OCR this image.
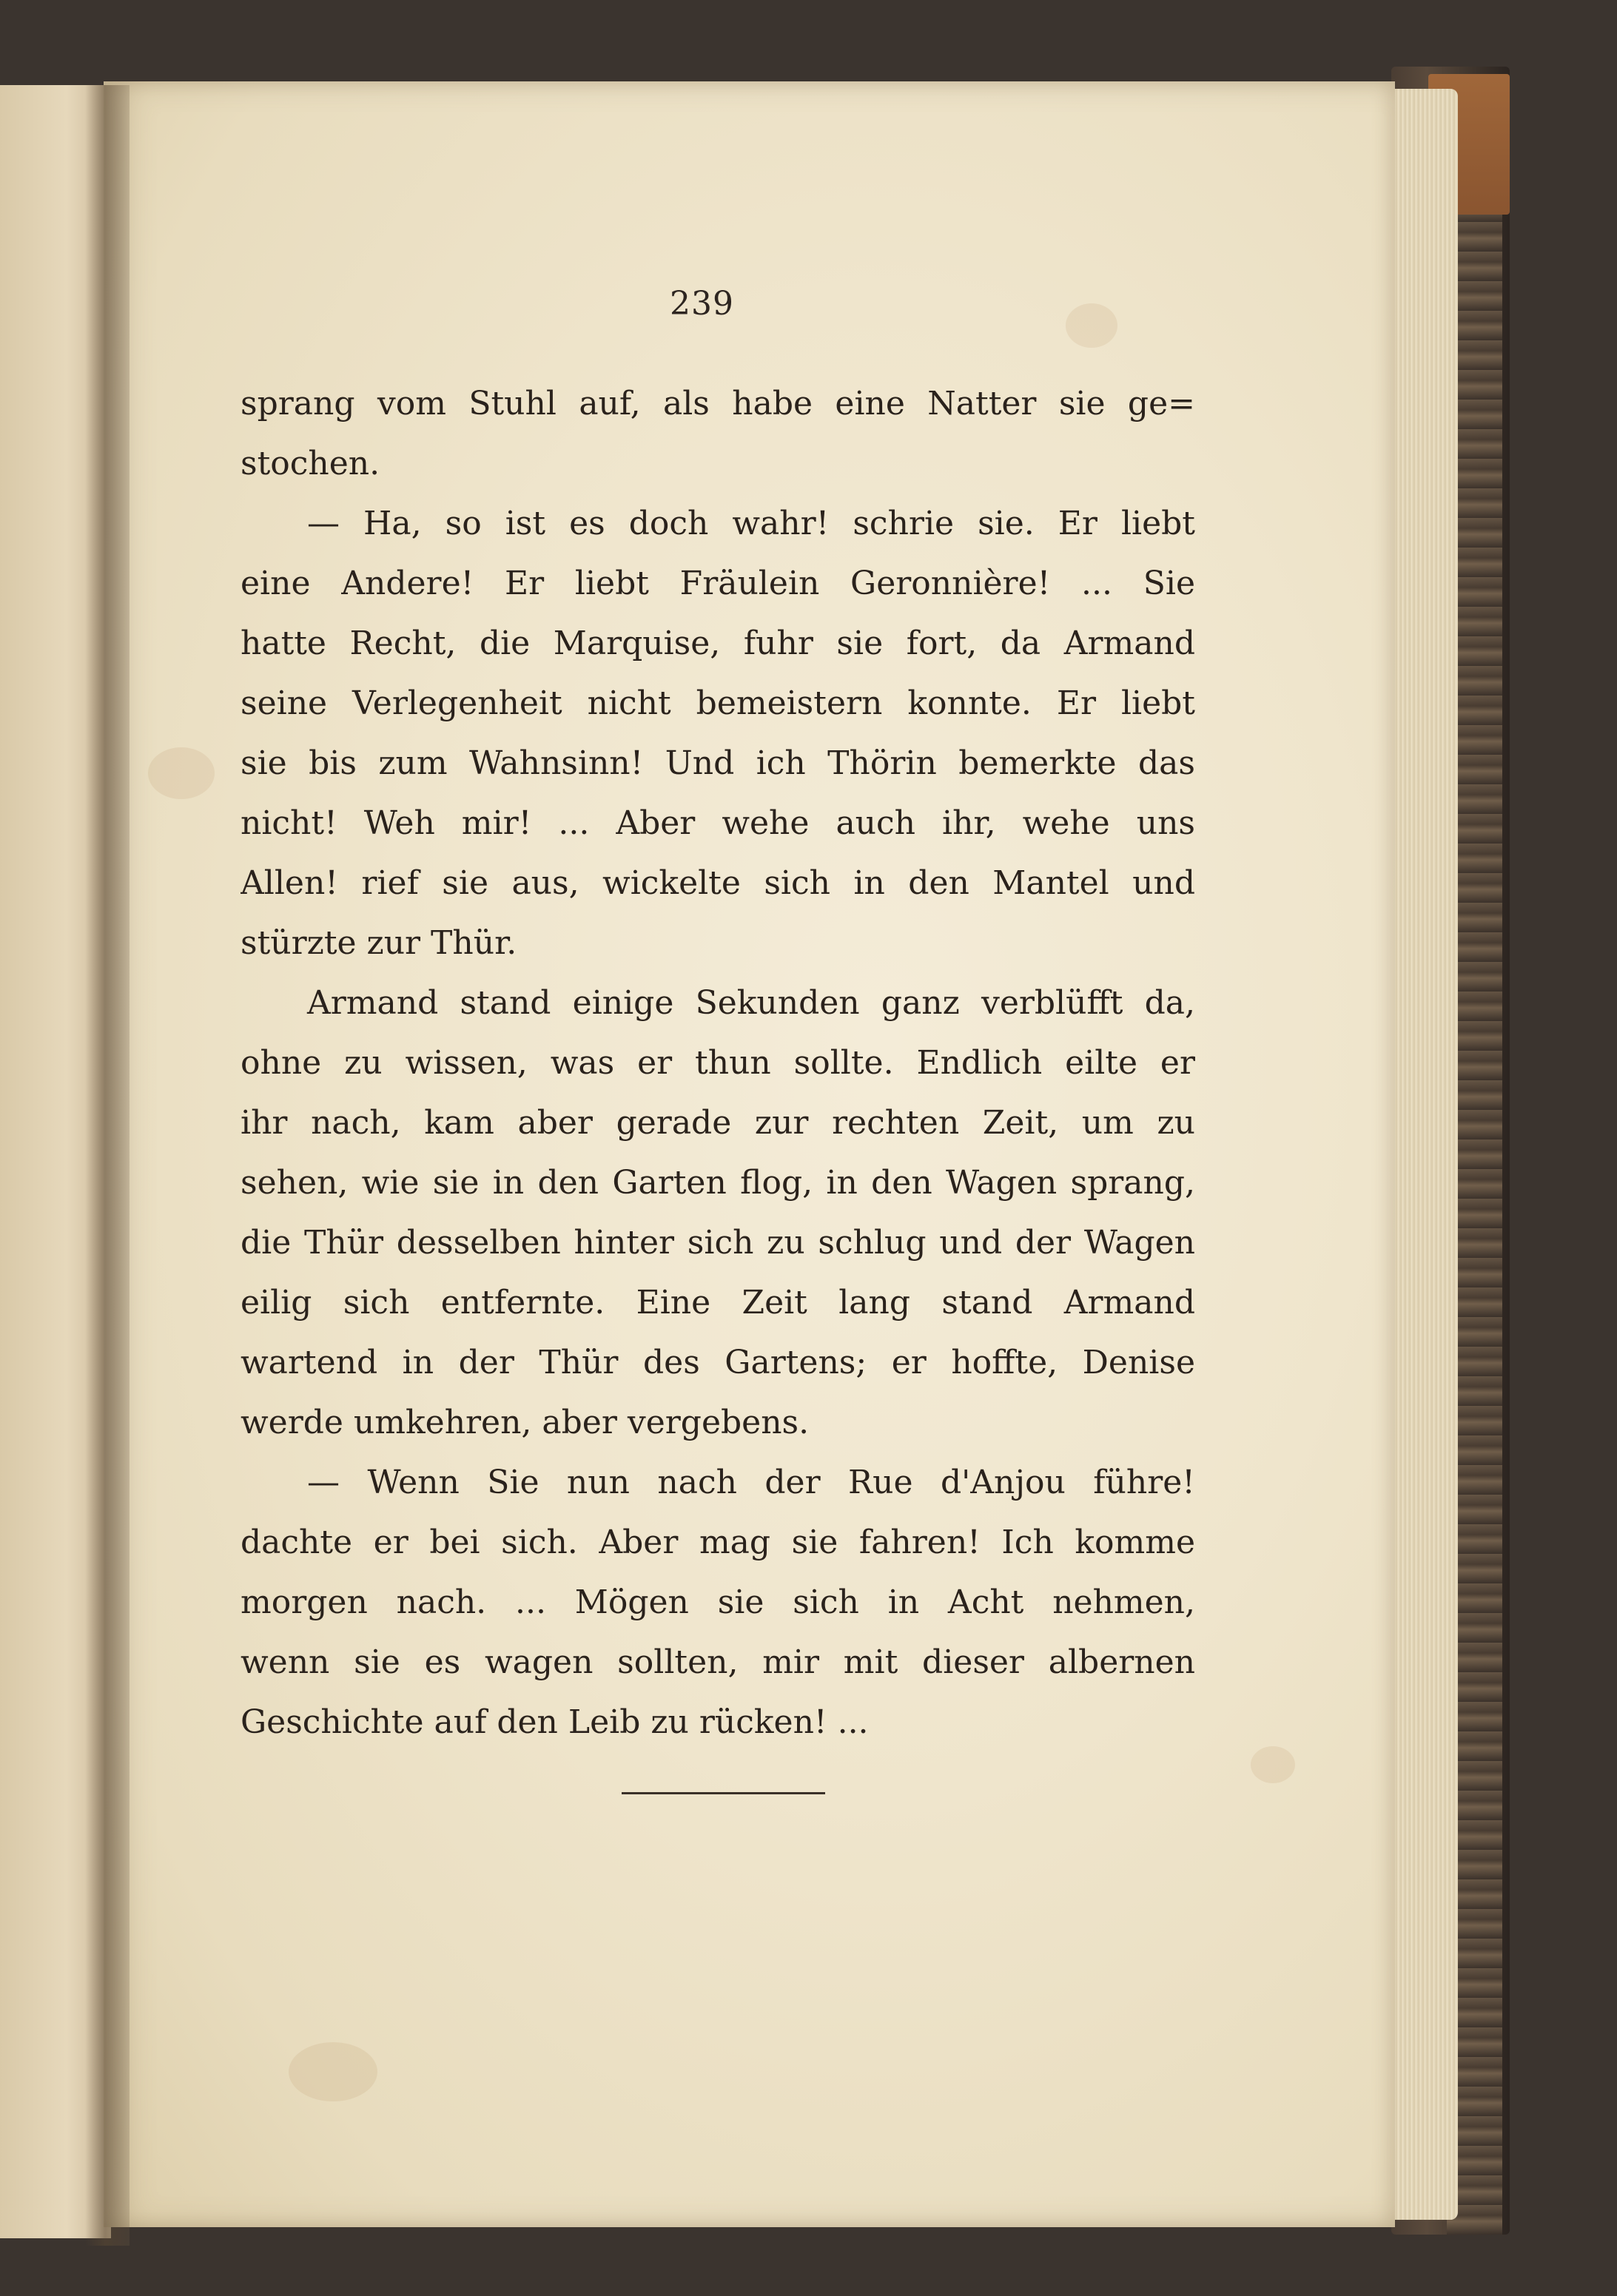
239
sprang vom Stuhl auf, als habe eine Natter sie ge=
stochen.
— Ha, so ist es doch wahr! schrie sie. Er liebt
eine Andere! Er liebt Fräulein Geronnière! ... Sie
hatte Recht, die Marquise, fuhr sie fort, da Armand
seine Verlegenheit nicht bemeistern konnte. Er liebt
sie bis zum Wahnsinn! Und ich Thörin bemerkte das
nicht! Weh mir! ... Aber wehe auch ihr, wehe uns
Allen! rief sie aus, wickelte sich in den Mantel und
stürzte zur Thür.
Armand stand einige Sekunden ganz verblüfft da,
ohne zu wissen, was er thun sollte. Endlich eilte er
ihr nach, kam aber gerade zur rechten Zeit, um zu
sehen, wie sie in den Garten flog, in den Wagen sprang,
die Thür desselben hinter sich zu schlug und der Wagen
eilig sich entfernte. Eine Zeit lang stand Armand
wartend in der Thür des Gartens; er hoffte, Denise
werde umkehren, aber vergebens.
— Wenn Sie nun nach der Rue d'Anjou führe!
dachte er bei sich. Aber mag sie fahren! Ich komme
morgen nach. ... Mögen sie sich in Acht nehmen,
wenn sie es wagen sollten, mir mit dieser albernen
Geschichte auf den Leib zu rücken! ...
